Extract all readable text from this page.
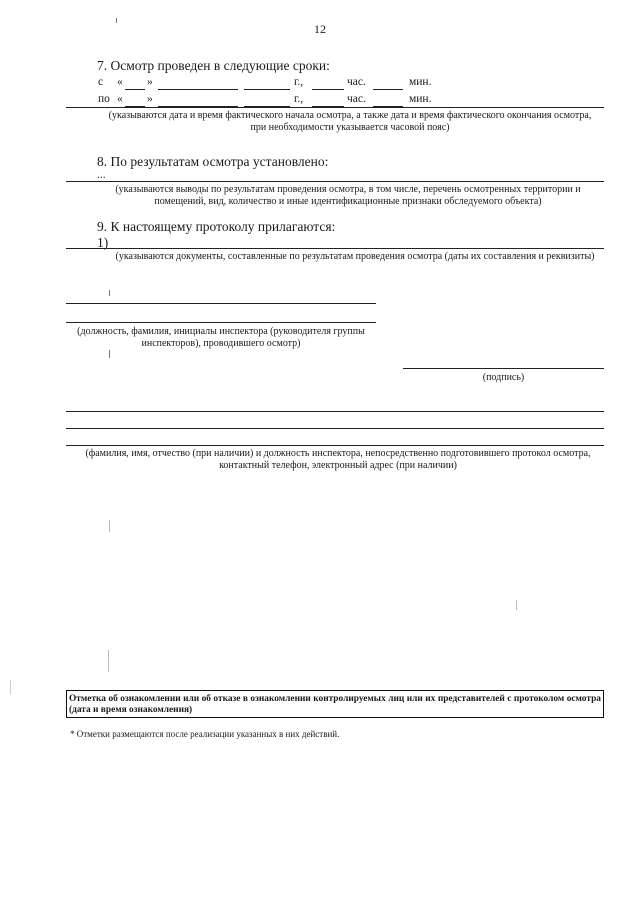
12
7. Осмотр проведен в следующие сроки:
с « »	г.,	час.	мин.
по « »	г.,	час.	мин.
(указываются дата и время фактического начала осмотра, а также дата и время фактического окончания осмотра, при необходимости указывается часовой пояс)
8. По результатам осмотра установлено:
...
(указываются выводы по результатам проведения осмотра, в том числе, перечень осмотренных территории и помещений, вид, количество и иные идентификационные признаки обследуемого объекта)
9. К настоящему протоколу прилагаются:
1)
(указываются документы, составленные по результатам проведения осмотра (даты их составления и реквизиты)
(должность, фамилия, инициалы инспектора (руководителя группы инспекторов), проводившего осмотр)
(подпись)
(фамилия, имя, отчество (при наличии) и должность инспектора, непосредственно подготовившего протокол осмотра, контактный телефон, электронный адрес (при наличии)
Отметка об ознакомлении или об отказе в ознакомлении контролируемых лиц или их представителей с протоколом осмотра (дата и время ознакомления)
* Отметки размещаются после реализации указанных в них действий.
